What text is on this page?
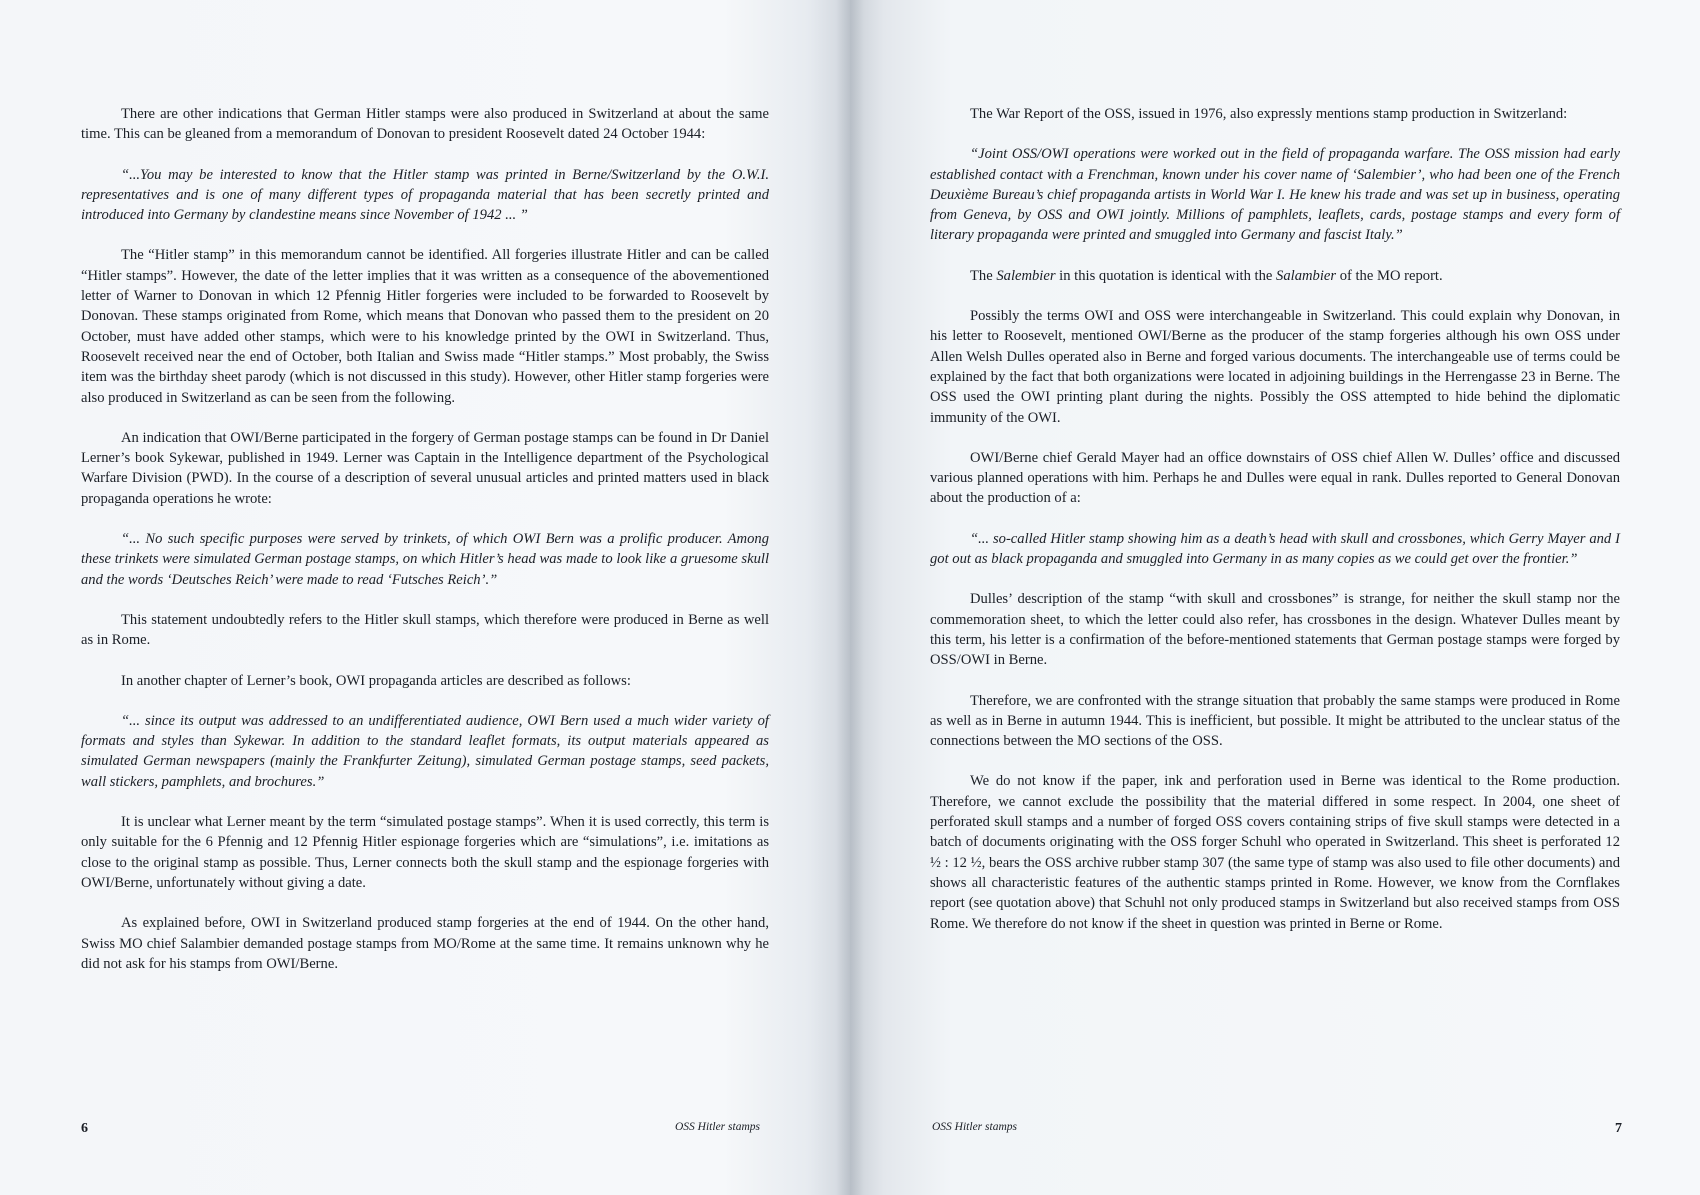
There are other indications that German Hitler stamps were also produced in Switzerland at about the same time. This can be gleaned from a memorandum of Donovan to president Roosevelt dated 24 October 1944:

“...You may be interested to know that the Hitler stamp was printed in Berne/Switzerland by the O.W.I. representatives and is one of many different types of propaganda material that has been secretly printed and introduced into Germany by clandestine means since November of 1942 ... ”

The “Hitler stamp” in this memorandum cannot be identified. All forgeries illustrate Hitler and can be called “Hitler stamps”. However, the date of the letter implies that it was written as a consequence of the abovementioned letter of Warner to Donovan in which 12 Pfennig Hitler forgeries were included to be forwarded to Roosevelt by Donovan. These stamps originated from Rome, which means that Donovan who passed them to the president on 20 October, must have added other stamps, which were to his knowledge printed by the OWI in Switzerland. Thus, Roosevelt received near the end of October, both Italian and Swiss made “Hitler stamps.” Most probably, the Swiss item was the birthday sheet parody (which is not discussed in this study). However, other Hitler stamp forgeries were also produced in Switzerland as can be seen from the following.

An indication that OWI/Berne participated in the forgery of German postage stamps can be found in Dr Daniel Lerner’s book Sykewar, published in 1949. Lerner was Captain in the Intelligence department of the Psychological Warfare Division (PWD). In the course of a description of several unusual articles and printed matters used in black propaganda operations he wrote:

“... No such specific purposes were served by trinkets, of which OWI Bern was a prolific producer. Among these trinkets were simulated German postage stamps, on which Hitler’s head was made to look like a gruesome skull and the words ‘Deutsches Reich’ were made to read ‘Futsches Reich’.”

This statement undoubtedly refers to the Hitler skull stamps, which therefore were produced in Berne as well as in Rome.

In another chapter of Lerner’s book, OWI propaganda articles are described as follows:

“... since its output was addressed to an undifferentiated audience, OWI Bern used a much wider variety of formats and styles than Sykewar. In addition to the standard leaflet formats, its output materials appeared as simulated German newspapers (mainly the Frankfurter Zeitung), simulated German postage stamps, seed packets, wall stickers, pamphlets, and brochures.”

It is unclear what Lerner meant by the term “simulated postage stamps”. When it is used correctly, this term is only suitable for the 6 Pfennig and 12 Pfennig Hitler espionage forgeries which are “simulations”, i.e. imitations as close to the original stamp as possible. Thus, Lerner connects both the skull stamp and the espionage forgeries with OWI/Berne, unfortunately without giving a date.

As explained before, OWI in Switzerland produced stamp forgeries at the end of 1944. On the other hand, Swiss MO chief Salambier demanded postage stamps from MO/Rome at the same time. It remains unknown why he did not ask for his stamps from OWI/Berne.

6	OSS Hitler stamps

The War Report of the OSS, issued in 1976, also expressly mentions stamp production in Switzerland:

“Joint OSS/OWI operations were worked out in the field of propaganda warfare. The OSS mission had early established contact with a Frenchman, known under his cover name of ‘Salembier’, who had been one of the French Deuxième Bureau’s chief propaganda artists in World War I. He knew his trade and was set up in business, operating from Geneva, by OSS and OWI jointly. Millions of pamphlets, leaflets, cards, postage stamps and every form of literary propaganda were printed and smuggled into Germany and fascist Italy.”

The Salembier in this quotation is identical with the Salambier of the MO report.

Possibly the terms OWI and OSS were interchangeable in Switzerland. This could explain why Donovan, in his letter to Roosevelt, mentioned OWI/Berne as the producer of the stamp forgeries although his own OSS under Allen Welsh Dulles operated also in Berne and forged various documents. The interchangeable use of terms could be explained by the fact that both organizations were located in adjoining buildings in the Herrengasse 23 in Berne. The OSS used the OWI printing plant during the nights. Possibly the OSS attempted to hide behind the diplomatic immunity of the OWI.

OWI/Berne chief Gerald Mayer had an office downstairs of OSS chief Allen W. Dulles’ office and discussed various planned operations with him. Perhaps he and Dulles were equal in rank. Dulles reported to General Donovan about the production of a:

“... so-called Hitler stamp showing him as a death’s head with skull and crossbones, which Gerry Mayer and I got out as black propaganda and smuggled into Germany in as many copies as we could get over the frontier.”

Dulles’ description of the stamp “with skull and crossbones” is strange, for neither the skull stamp nor the commemoration sheet, to which the letter could also refer, has crossbones in the design. Whatever Dulles meant by this term, his letter is a confirmation of the before-mentioned statements that German postage stamps were forged by OSS/OWI in Berne.

Therefore, we are confronted with the strange situation that probably the same stamps were produced in Rome as well as in Berne in autumn 1944. This is inefficient, but possible. It might be attributed to the unclear status of the connections between the MO sections of the OSS.

We do not know if the paper, ink and perforation used in Berne was identical to the Rome production. Therefore, we cannot exclude the possibility that the material differed in some respect. In 2004, one sheet of perforated skull stamps and a number of forged OSS covers containing strips of five skull stamps were detected in a batch of documents originating with the OSS forger Schuhl who operated in Switzerland. This sheet is perforated 12 ½ : 12 ½, bears the OSS archive rubber stamp 307 (the same type of stamp was also used to file other documents) and shows all characteristic features of the authentic stamps printed in Rome. However, we know from the Cornflakes report (see quotation above) that Schuhl not only produced stamps in Switzerland but also received stamps from OSS Rome. We therefore do not know if the sheet in question was printed in Berne or Rome.

OSS Hitler stamps	7
